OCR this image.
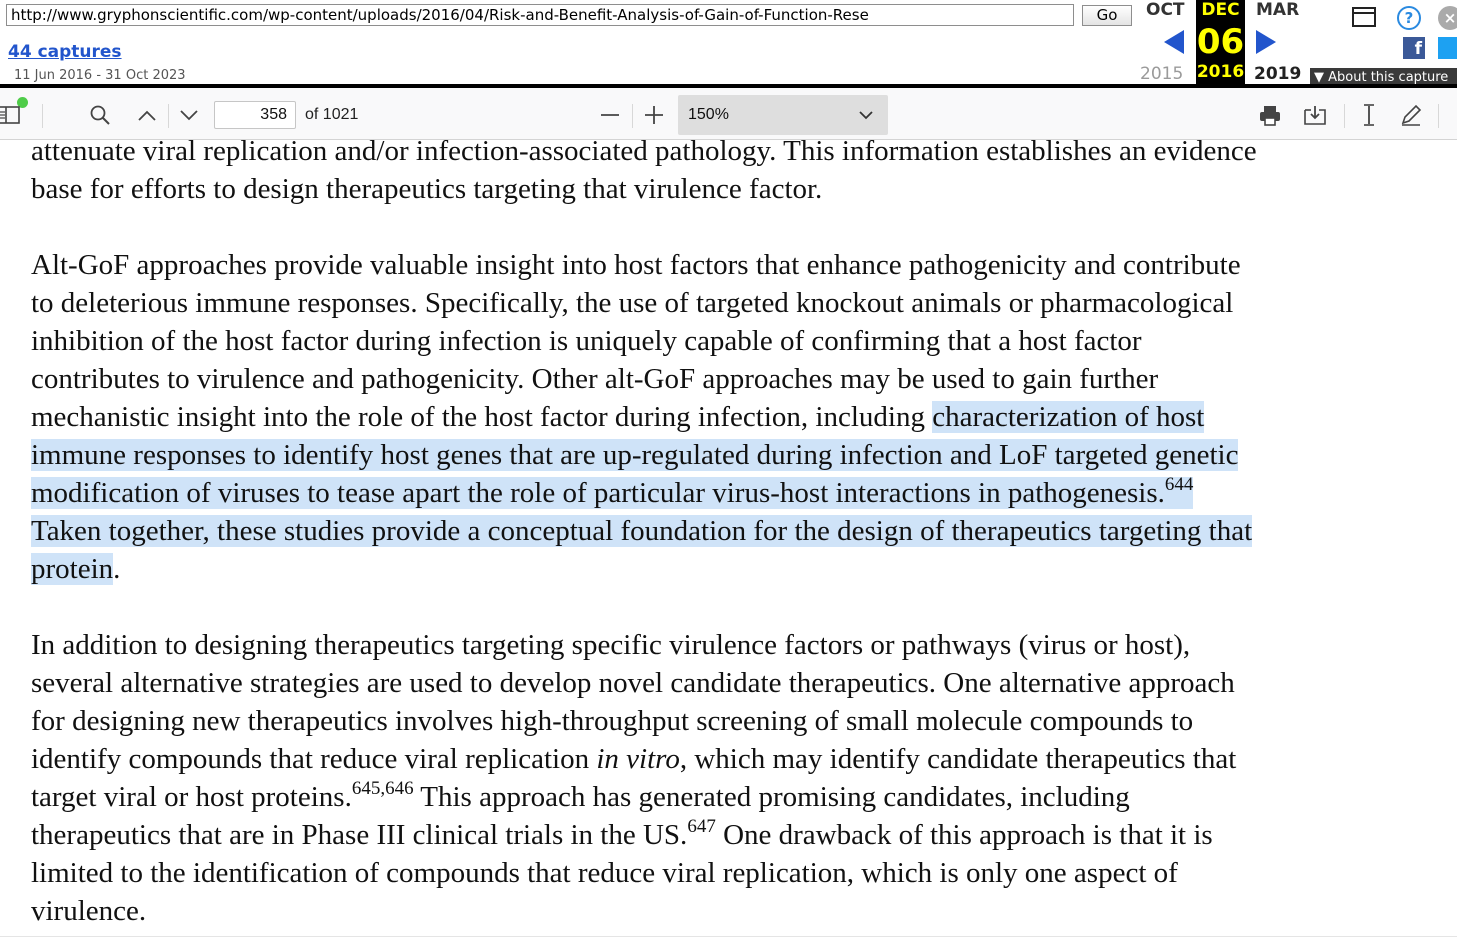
http://www.gryphonscientific.com/wp-content/uploads/2016/04/Risk-and-Benefit-Analysis-of-Gain-of-Function-Rese	Go
44 captures
11 Jun 2016 - 31 Oct 2023
OCT	MAR
DEC
06
2016
2015	2019
?	×
f
▼ About this capture
358	of 1021	150%

attenuate viral replication and/or infection-associated pathology. This information establishes an evidence
base for efforts to design therapeutics targeting that virulence factor.

Alt-GoF approaches provide valuable insight into host factors that enhance pathogenicity and contribute
to deleterious immune responses. Specifically, the use of targeted knockout animals or pharmacological
inhibition of the host factor during infection is uniquely capable of confirming that a host factor
contributes to virulence and pathogenicity. Other alt-GoF approaches may be used to gain further
mechanistic insight into the role of the host factor during infection, including characterization of host
immune responses to identify host genes that are up-regulated during infection and LoF targeted genetic
modification of viruses to tease apart the role of particular virus-host interactions in pathogenesis.$^{644}$
Taken together, these studies provide a conceptual foundation for the design of therapeutics targeting that
protein.

In addition to designing therapeutics targeting specific virulence factors or pathways (virus or host),
several alternative strategies are used to develop novel candidate therapeutics. One alternative approach
for designing new therapeutics involves high-throughput screening of small molecule compounds to
identify compounds that reduce viral replication in vitro, which may identify candidate therapeutics that
target viral or host proteins.$^{645,646}$ This approach has generated promising candidates, including
therapeutics that are in Phase III clinical trials in the US.$^{647}$ One drawback of this approach is that it is
limited to the identification of compounds that reduce viral replication, which is only one aspect of
virulence.
